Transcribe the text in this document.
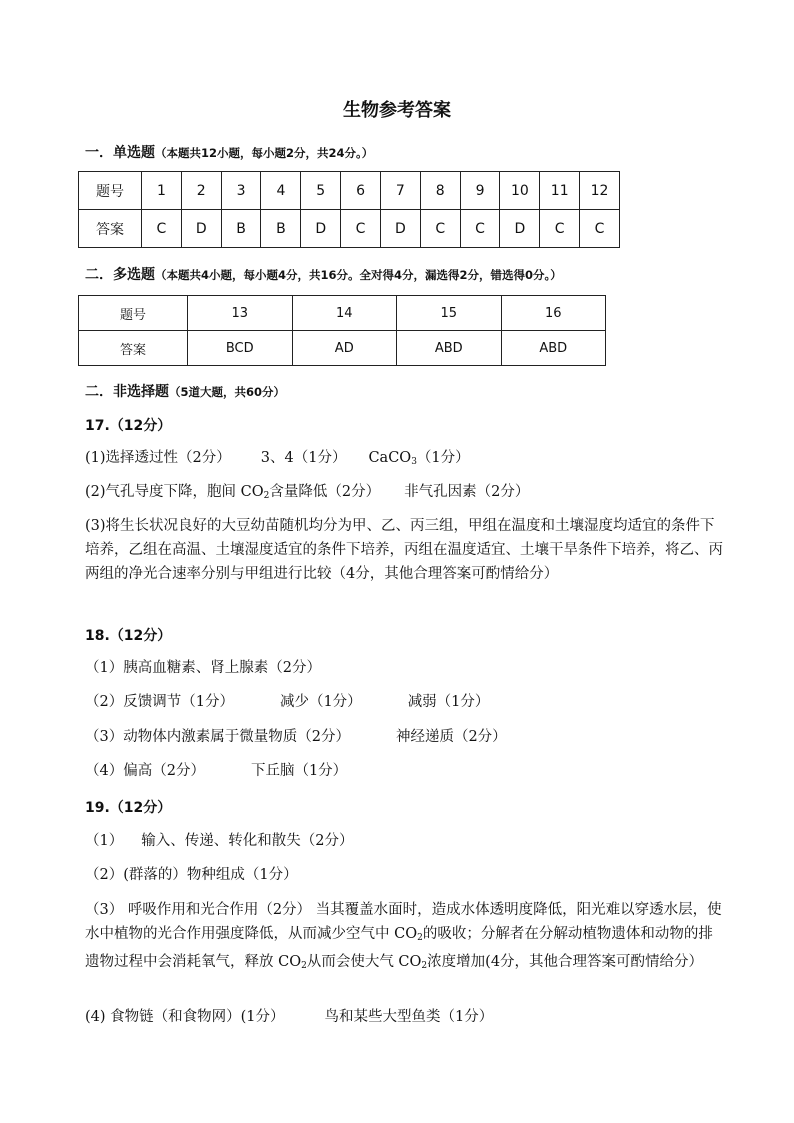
生物参考答案
一．单选题（本题共12小题，每小题2分，共24分。）
题号	1	2	3	4	5	6	7	8	9	10	11	12
答案	C	D	B	B	D	C	D	C	C	D	C	C
二．多选题（本题共4小题，每小题4分，共16分。全对得4分，漏选得2分，错选得0分。）
题号	13	14	15	16
答案	BCD	AD	ABD	ABD
二．非选择题（5道大题，共60分）
17.（12分）
(1)选择透过性（2分） 3、4（1分） CaCO$_3$（1分）
(2)气孔导度下降，胞间 $CO_2$含量降低（2分） 非气孔因素（2分）
(3)将生长状况良好的大豆幼苗随机均分为甲、乙、丙三组，甲组在温度和土壤湿度均适宜的条件下培养，乙组在高温、土壤湿度适宜的条件下培养，丙组在温度适宜、土壤干旱条件下培养，将乙、丙两组的净光合速率分别与甲组进行比较（4分，其他合理答案可酌情给分）
18.（12分）
（1）胰高血糖素、肾上腺素（2分）
（2）反馈调节（1分）	减少（1分）	减弱（1分）
（3）动物体内激素属于微量物质（2分）	神经递质（2分）
（4）偏高（2分）	下丘脑（1分）
19.（12分）
（1） 输入、传递、转化和散失（2分）
（2）(群落的）物种组成（1分）
（3） 呼吸作用和光合作用（2分） 当其覆盖水面时，造成水体透明度降低，阳光难以穿透水层，使水中植物的光合作用强度降低，从而减少空气中 $CO_2$的吸收；分解者在分解动植物遗体和动物的排遗物过程中会消耗氧气，释放 $CO_2$从而会使大气 $CO_2$浓度增加(4分，其他合理答案可酌情给分）
(4) 食物链（和食物网）(1分）	鸟和某些大型鱼类（1分）
